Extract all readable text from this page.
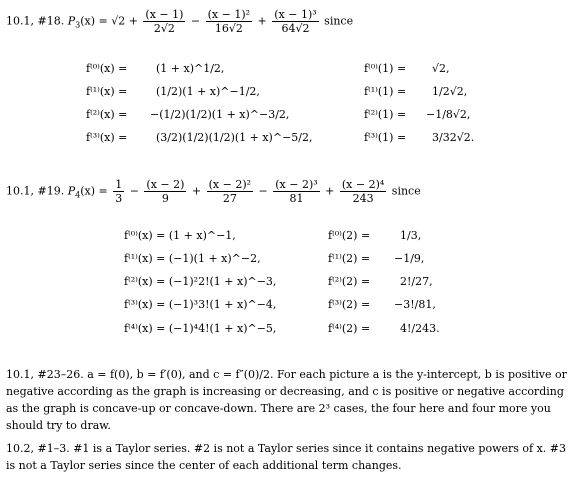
10.1, #18. $P_3(x) = √2 + \frac{(x - 1)}{2√2} - \frac{\text{(x − 1)²}}{16√2} + \frac{\text{(x − 1)³}}{64√2}$ since
f⁽⁰⁾(x) =	(1 + x)^1/2,	f⁽⁰⁾(1) = √2,
f⁽¹⁾(x) =	(1/2)(1 + x)^−1/2,	f⁽¹⁾(1) = 1/2√2,
f⁽²⁾(x) = −(1/2)(1/2)(1 + x)^−3/2,	f⁽²⁾(1) = −1/8√2,
f⁽³⁾(x) =	(3/2)(1/2)(1/2)(1 + x)^−5/2,	f⁽³⁾(1) = 3/32√2.
10.1, #19. $P_4(x) = \frac{1}{3} - \frac{(x - 2)}{9} + \frac{\text{(x − 2)²}}{27} - \frac{\text{(x − 2)³}}{81} + \frac{\text{(x − 2)⁴}}{243}$ since
f⁽⁰⁾(x) = (1 + x)^−1,	f⁽⁰⁾(2) =	1/3,
f⁽¹⁾(x) = (−1)(1 + x)^−2,	f⁽¹⁾(2) = −1/9,
f⁽²⁾(x) = (−1)²2!(1 + x)^−3,	f⁽²⁾(2) =	2!/27,
f⁽³⁾(x) = (−1)³3!(1 + x)^−4,	f⁽³⁾(2) = −3!/81,
f⁽⁴⁾(x) = (−1)⁴4!(1 + x)^−5,	f⁽⁴⁾(2) =	4!/243.
10.1, #23–26. a = f(0), b = f′(0), and c = f″(0)/2. For each picture a is the y-intercept, b is positive or negative according as the graph is increasing or decreasing, and c is positive or negative according as the graph is concave-up or concave-down. There are 2³ cases, the four here and four more you should try to draw.
10.2, #1–3. #1 is a Taylor series. #2 is not a Taylor series since it contains negative powers of x. #3 is not a Taylor series since the center of each additional term changes.
